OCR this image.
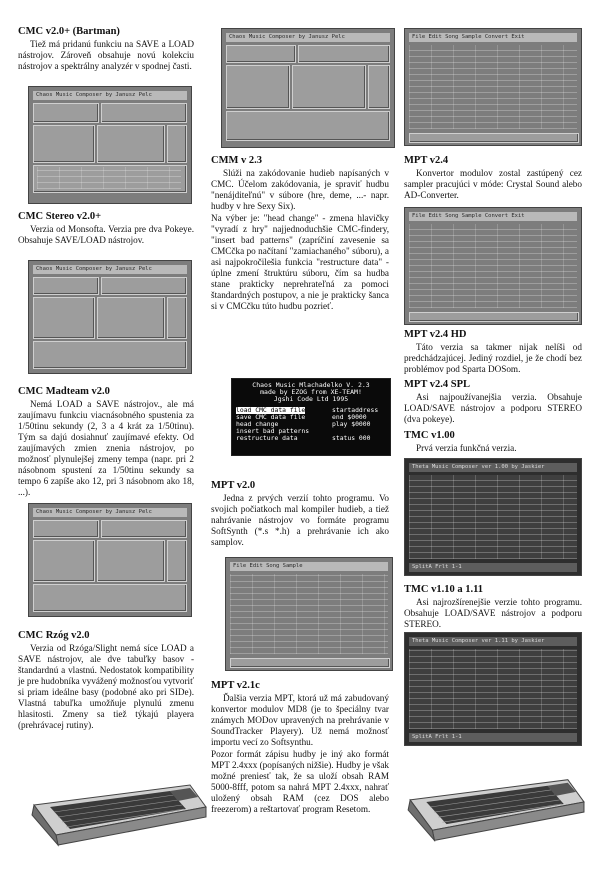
CMC v2.0+ (Bartman)

Tiež má pridanú funkciu na SAVE a LOAD nástrojov. Zároveň obsahuje novú kolekciu nástrojov a spektrálny analyzér v spodnej časti.

Chaos Music Composer by Janusz Pelc
CMC Stereo v2.0+

Verzia od Monsofta. Verzia pre dva Pokeye. Obsahuje SAVE/LOAD nástrojov.

Chaos Music Composer by Janusz Pelc
CMC Madteam v2.0

Nemá LOAD a SAVE nástrojov., ale má zaujímavu funkciu viacnásobného spustenia za 1/50tinu sekundy (2, 3 a 4 krát za 1/50tinu). Tým sa dajú dosiahnuť zaujímavé efekty. Od zaujímavých zmien znenia nástrojov, po možnosť plynulejšej zmeny tempa (napr. pri 2 násobnom spustení za 1/50tinu sekundy sa tempo 6 zapíše ako 12, pri 3 násobnom ako 18, ...).

Chaos Music Composer by Janusz Pelc
CMC Rzóg v2.0

Verzia od Rzóga/Slight nemá síce LOAD a SAVE nástrojov, ale dve tabuľky basov - štandardnú a vlastnú. Nedostatok kompatibility je pre hudobníka vyvážený možnosťou vytvoriť si priam ideálne basy (podobné ako pri SIDe). Vlastná tabuľka umožňuje plynulú zmenu hlasitosti. Zmeny sa tiež týkajú playera (prehrávacej rutiny).

Chaos Music Composer by Janusz Pelc
CMM v 2.3

Slúži na zakódovanie hudieb napísaných v CMC. Účelom zakódovania, je spraviť hudbu "nenájditeľnú" v súbore (hre, deme, ...- napr. hudby v hre Sexy Six).

Na výber je: "head change" - zmena hlavičky "vyradí z hry" najjednoduchšie CMC-findery, "insert bad patterns" (zapríčiní zavesenie sa CMCčka po načítaní "zamiachaného" súboru), a asi najpokročilešia funkcia "restructure data" - úplne zmení štruktúru súboru, čím sa hudba stane prakticky neprehrateľná za pomoci štandardných postupov, a nie je prakticky šanca si v CMCčku túto hudbu pozrieť.

Chaos Music Mlachadelko V. 2.3
made by EZOG from XE-TEAM!
Jgshi Code Ltd 1995
load CMC data file
save CMC data file
head change
insert bad patterns
restructure data
startaddress
end $0000
play $0000
status 000
MPT v2.0

Jedna z prvých verzií tohto programu. Vo svojich počiatkoch mal kompiler hudieb, a tiež nahrávanie nástrojov vo formáte programu SoftSynth (*.s *.h) a prehrávanie ich ako samplov.

File Edit Song Sample
MPT v2.1c

Ďalšia verzia MPT, ktorá už má zabudovaný konvertor modulov MD8 (je to špeciálny tvar známych MODov upravených na prehrávanie v SoundTracker Playery). Už nemá možnosť importu vecí zo Softsynthu.

Pozor formát zápisu hudby je iný ako formát MPT 2.4xxx (popísaných nižšie). Hudby je však možné preniesť tak, že sa uloží obsah RAM 5000-8fff, potom sa nahrá MPT 2.4xxx, nahrať uložený obsah RAM (cez DOS alebo freezerom) a reštartovať program Resetom.

File Edit Song Sample Convert Exit
MPT v2.4

Konvertor modulov zostal zastúpený cez sampler pracujúci v móde: Crystal Sound alebo AD-Converter.

File Edit Song Sample Convert Exit
MPT v2.4 HD

Táto verzia sa takmer nijak nelíši od predchádzajúcej. Jediný rozdiel, je že chodí bez problémov pod Sparta DOSom.

MPT v2.4 SPL

Asi najpoužívanejšia verzia. Obsahuje LOAD/SAVE nástrojov a podporu STEREO (dva pokeye).

TMC v1.00

Prvá verzia funkčná verzia.

Theta Music Composer ver 1.00 by Jaskier
SplitA Frlt 1-1
TMC v1.10 a 1.11

Asi najrozšírenejšie verzie tohto programu. Obsahuje LOAD/SAVE nástrojov a podporu STEREO.

Theta Music Composer ver 1.11 by Jaskier
SplitA Frlt 1-1
